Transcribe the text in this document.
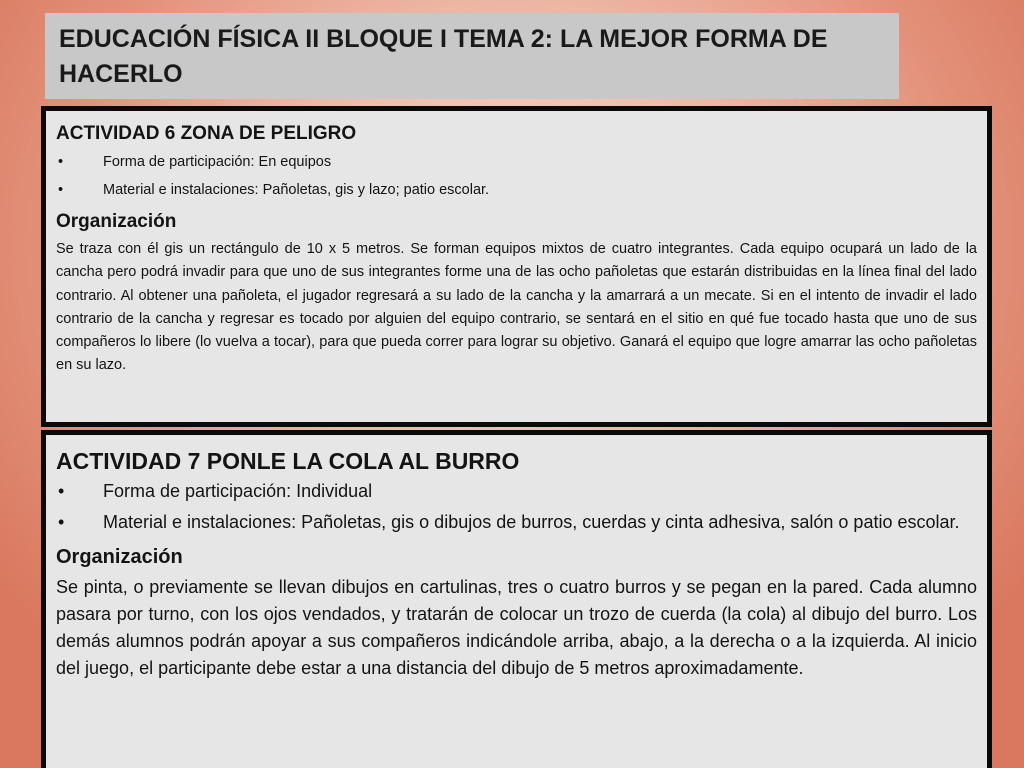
EDUCACIÓN FÍSICA II BLOQUE I TEMA 2: LA MEJOR FORMA DE HACERLO

ACTIVIDAD 6 ZONA DE PELIGRO

•	Forma de participación: En equipos
•	Material e instalaciones: Pañoletas, gis y lazo; patio escolar.

Organización

Se traza con él gis un rectángulo de 10 x 5 metros. Se forman equipos mixtos de cuatro integrantes. Cada equipo ocupará un lado de la cancha pero podrá invadir para que uno de sus integrantes forme una de las ocho pañoletas que estarán distribuidas en la línea final del lado contrario. Al obtener una pañoleta, el jugador regresará a su lado de la cancha y la amarrará a un mecate. Si en el intento de invadir el lado contrario de la cancha y regresar es tocado por alguien del equipo contrario, se sentará en el sitio en qué fue tocado hasta que uno de sus compañeros lo libere (lo vuelva a tocar), para que pueda correr para lograr su objetivo. Ganará el equipo que logre amarrar las ocho pañoletas en su lazo.

ACTIVIDAD 7 PONLE LA COLA AL BURRO

• Forma de participación: Individual
• Material e instalaciones: Pañoletas, gis o dibujos de burros, cuerdas y cinta adhesiva, salón o patio escolar.

Organización

Se pinta, o previamente se llevan dibujos en cartulinas, tres o cuatro burros y se pegan en la pared. Cada alumno pasara por turno, con los ojos vendados, y tratarán de colocar un trozo de cuerda (la cola) al dibujo del burro. Los demás alumnos podrán apoyar a sus compañeros indicándole arriba, abajo, a la derecha o a la izquierda. Al inicio del juego, el participante debe estar a una distancia del dibujo de 5 metros aproximadamente.
